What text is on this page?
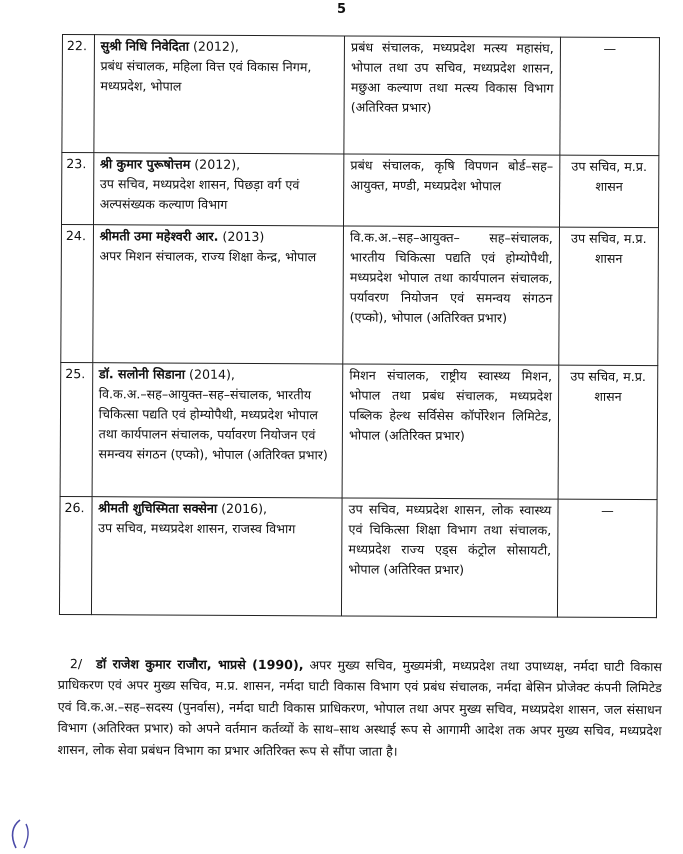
5
22.	सुश्री निधि निवेदिता (2012),
प्रबंध संचालक, महिला वित्त एवं विकास निगम, मध्यप्रदेश, भोपाल	प्रबंध संचालक, मध्यप्रदेश मत्स्य महासंघ, भोपाल तथा उप सचिव, मध्यप्रदेश शासन, मछुआ कल्याण तथा मत्स्य विकास विभाग (अतिरिक्त प्रभार)	—
23.	श्री कुमार पुरूषोत्तम (2012),
उप सचिव, मध्यप्रदेश शासन, पिछड़ा वर्ग एवं अल्पसंख्यक कल्याण विभाग	प्रबंध संचालक, कृषि विपणन बोर्ड–सह–आयुक्त, मण्डी, मध्यप्रदेश भोपाल	उप सचिव, म.प्र. शासन
24.	श्रीमती उमा महेश्वरी आर. (2013)
अपर मिशन संचालक, राज्य शिक्षा केन्द्र, भोपाल	वि.क.अ.–सह–आयुक्त– सह–संचालक, भारतीय चिकित्सा पद्यति एवं होम्योपैथी, मध्यप्रदेश भोपाल तथा कार्यपालन संचालक, पर्यावरण नियोजन एवं समन्वय संगठन (एप्को), भोपाल (अतिरिक्त प्रभार)	उप सचिव, म.प्र. शासन
25.	डॉ. सलोनी सिडाना (2014),
वि.क.अ.–सह–आयुक्त–सह–संचालक, भारतीय चिकित्सा पद्यति एवं होम्योपैथी, मध्यप्रदेश भोपाल तथा कार्यपालन संचालक, पर्यावरण नियोजन एवं समन्वय संगठन (एप्को), भोपाल (अतिरिक्त प्रभार)	मिशन संचालक, राष्ट्रीय स्वास्थ्य मिशन, भोपाल तथा प्रबंध संचालक, मध्यप्रदेश पब्लिक हेल्थ सर्विसेस कॉर्पोरेशन लिमिटेड, भोपाल (अतिरिक्त प्रभार)	उप सचिव, म.प्र. शासन
26.	श्रीमती शुचिस्मिता सक्सेना (2016),
उप सचिव, मध्यप्रदेश शासन, राजस्व विभाग	उप सचिव, मध्यप्रदेश शासन, लोक स्वास्थ्य एवं चिकित्सा शिक्षा विभाग तथा संचालक, मध्यप्रदेश राज्य एड्स कंट्रोल सोसायटी, भोपाल (अतिरिक्त प्रभार)	—
2/ डॉ राजेश कुमार राजौरा, भाप्रसे (1990), अपर मुख्य सचिव, मुख्यमंत्री, मध्यप्रदेश तथा उपाध्यक्ष, नर्मदा घाटी विकास प्राधिकरण एवं अपर मुख्य सचिव, म.प्र. शासन, नर्मदा घाटी विकास विभाग एवं प्रबंध संचालक, नर्मदा बेसिन प्रोजेक्ट कंपनी लिमिटेड एवं वि.क.अ.–सह–सदस्य (पुनर्वास), नर्मदा घाटी विकास प्राधिकरण, भोपाल तथा अपर मुख्य सचिव, मध्यप्रदेश शासन, जल संसाधन विभाग (अतिरिक्त प्रभार) को अपने वर्तमान कर्तव्यों के साथ–साथ अस्थाई रूप से आगामी आदेश तक अपर मुख्य सचिव, मध्यप्रदेश शासन, लोक सेवा प्रबंधन विभाग का प्रभार अतिरिक्त रूप से सौंपा जाता है।
